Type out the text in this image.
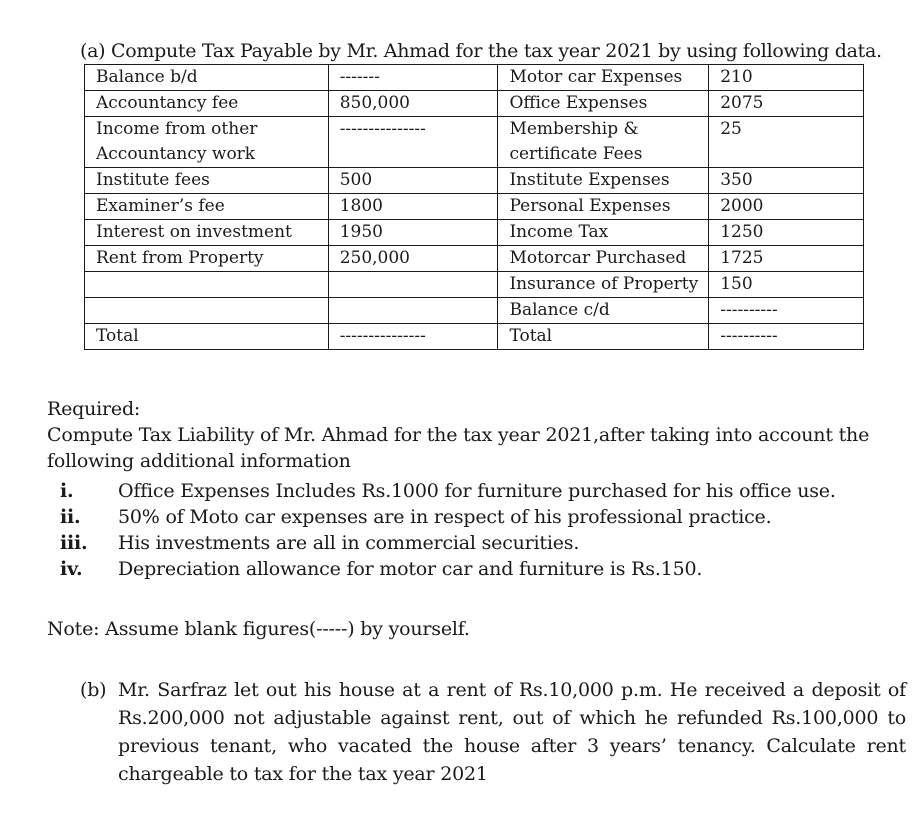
(a) Compute Tax Payable by Mr. Ahmad for the tax year 2021 by using following data.
Balance b/d	-------	Motor car Expenses	210
Accountancy fee	850,000	Office Expenses	2075
Income from other Accountancy work	---------------	Membership & certificate Fees	25
Institute fees	500	Institute Expenses	350
Examiner’s fee	1800	Personal Expenses	2000
Interest on investment	1950	Income Tax	1250
Rent from Property	250,000	Motorcar Purchased	1725
		Insurance of Property	150
		Balance c/d	----------
Total	---------------	Total	----------
Required:
Compute Tax Liability of Mr. Ahmad for the tax year 2021,after taking into account the following additional information
i.	Office Expenses Includes Rs.1000 for furniture purchased for his office use.
ii.	50% of Moto car expenses are in respect of his professional practice.
iii.	His investments are all in commercial securities.
iv.	Depreciation allowance for motor car and furniture is Rs.150.
Note: Assume blank figures(-----) by yourself.
(b) Mr. Sarfraz let out his house at a rent of Rs.10,000 p.m. He received a deposit of Rs.200,000 not adjustable against rent, out of which he refunded Rs.100,000 to previous tenant, who vacated the house after 3 years’ tenancy. Calculate rent chargeable to tax for the tax year 2021
